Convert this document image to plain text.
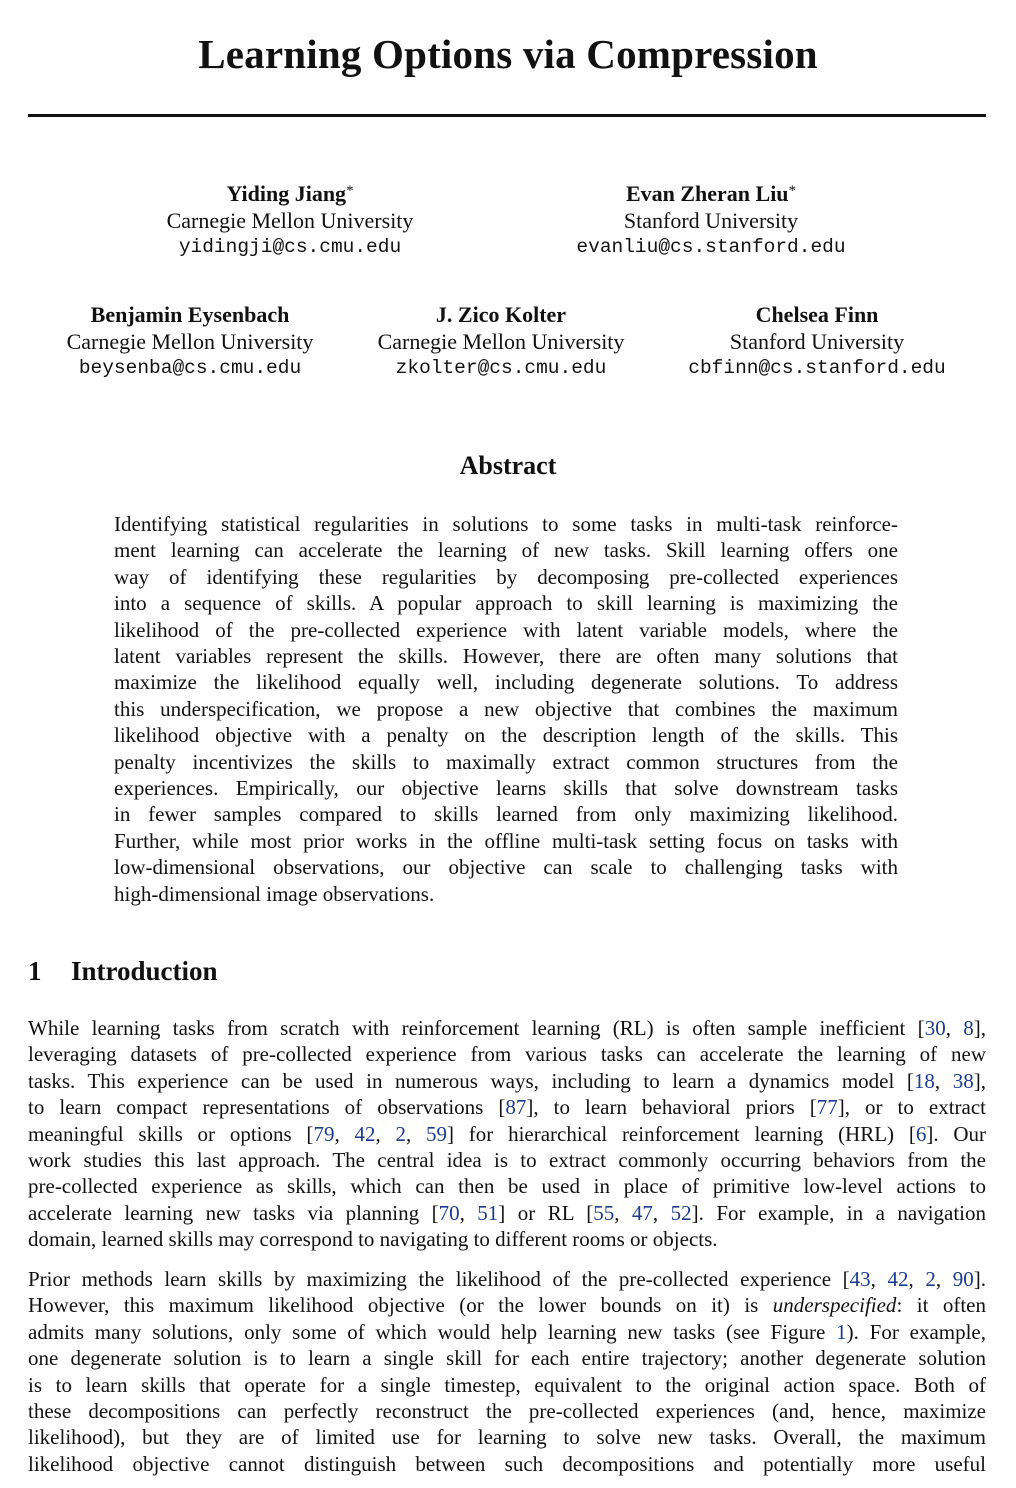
Learning Options via Compression
Yiding Jiang*
Carnegie Mellon University
yidingji@cs.cmu.edu
Evan Zheran Liu*
Stanford University
evanliu@cs.stanford.edu
Benjamin Eysenbach
Carnegie Mellon University
beysenba@cs.cmu.edu
J. Zico Kolter
Carnegie Mellon University
zkolter@cs.cmu.edu
Chelsea Finn
Stanford University
cbfinn@cs.stanford.edu
Abstract
Identifying statistical regularities in solutions to some tasks in multi-task reinforce-
ment learning can accelerate the learning of new tasks. Skill learning offers one
way of identifying these regularities by decomposing pre-collected experiences
into a sequence of skills. A popular approach to skill learning is maximizing the
likelihood of the pre-collected experience with latent variable models, where the
latent variables represent the skills. However, there are often many solutions that
maximize the likelihood equally well, including degenerate solutions. To address
this underspecification, we propose a new objective that combines the maximum
likelihood objective with a penalty on the description length of the skills. This
penalty incentivizes the skills to maximally extract common structures from the
experiences. Empirically, our objective learns skills that solve downstream tasks
in fewer samples compared to skills learned from only maximizing likelihood.
Further, while most prior works in the offline multi-task setting focus on tasks with
low-dimensional observations, our objective can scale to challenging tasks with
high-dimensional image observations.
1 Introduction
While learning tasks from scratch with reinforcement learning (RL) is often sample inefficient [30, 8],
leveraging datasets of pre-collected experience from various tasks can accelerate the learning of new
tasks. This experience can be used in numerous ways, including to learn a dynamics model [18, 38],
to learn compact representations of observations [87], to learn behavioral priors [77], or to extract
meaningful skills or options [79, 42, 2, 59] for hierarchical reinforcement learning (HRL) [6]. Our
work studies this last approach. The central idea is to extract commonly occurring behaviors from the
pre-collected experience as skills, which can then be used in place of primitive low-level actions to
accelerate learning new tasks via planning [70, 51] or RL [55, 47, 52]. For example, in a navigation
domain, learned skills may correspond to navigating to different rooms or objects.
Prior methods learn skills by maximizing the likelihood of the pre-collected experience [43, 42, 2, 90].
However, this maximum likelihood objective (or the lower bounds on it) is underspecified: it often
admits many solutions, only some of which would help learning new tasks (see Figure 1). For example,
one degenerate solution is to learn a single skill for each entire trajectory; another degenerate solution
is to learn skills that operate for a single timestep, equivalent to the original action space. Both of
these decompositions can perfectly reconstruct the pre-collected experiences (and, hence, maximize
likelihood), but they are of limited use for learning to solve new tasks. Overall, the maximum
likelihood objective cannot distinguish between such decompositions and potentially more useful
